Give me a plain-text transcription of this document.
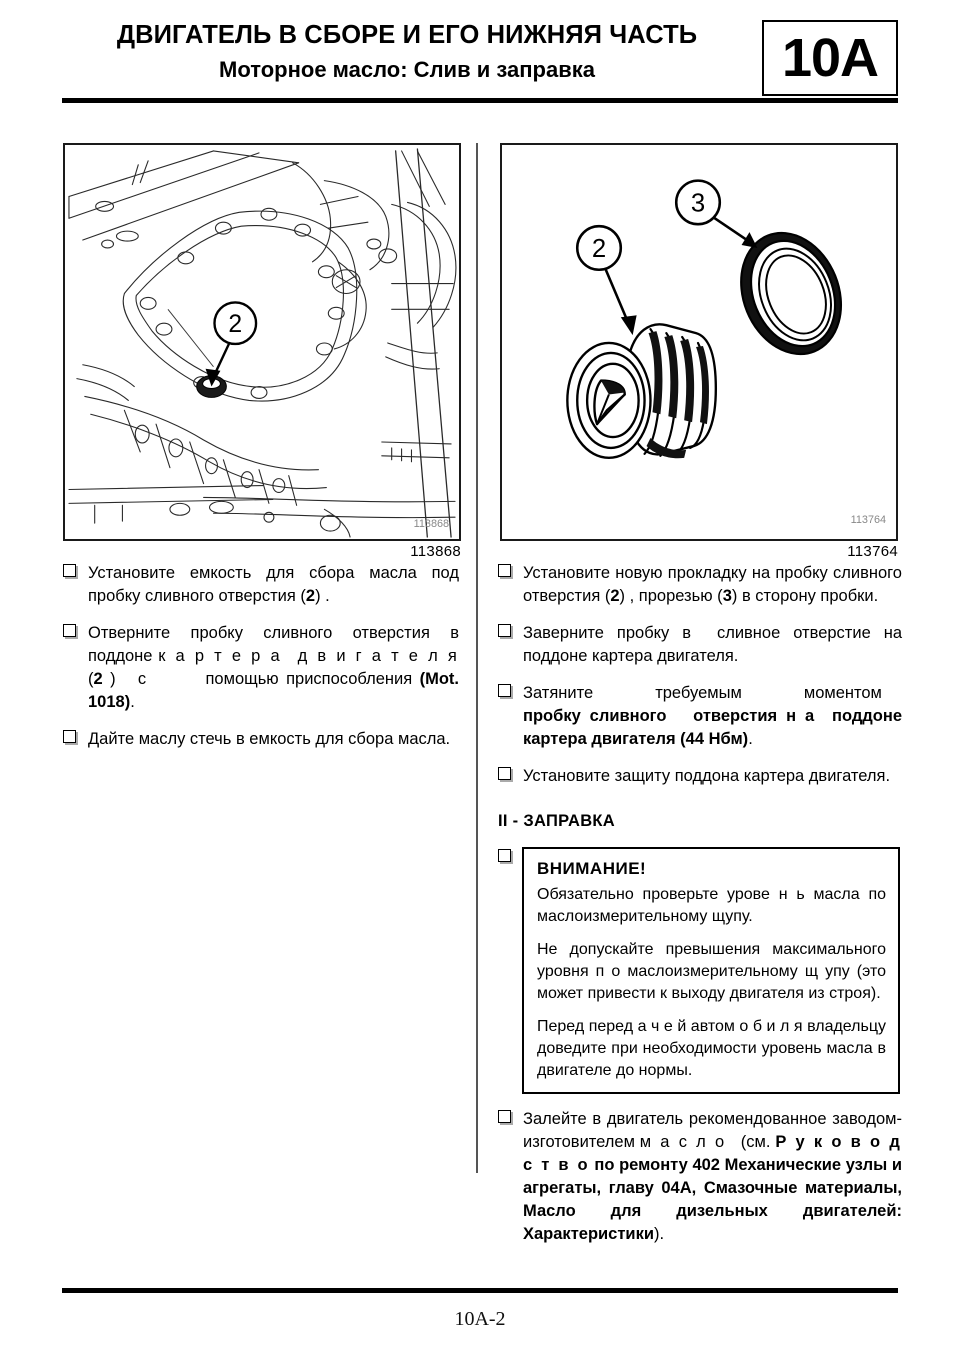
ДВИГАТЕЛЬ В СБОРЕ И ЕГО НИЖНЯЯ ЧАСТЬ
Моторное масло: Слив и заправка	10A
2
113868
113868
2
3
113764
113764
Установите емкость для сбора масла под пробку сливного отверстия (2) .
Отверните пробку сливного отверстия в поддоне к а р т е р а  д в и г а т е л я (2 )   с        помощью приспособления (Mot. 1018).
Дайте маслу стечь в емкость для сбора масла.
Установите новую прокладку на пробку сливного отверстия (2) , прорезью (3) в сторону пробки.
Заверните  пробку  в    сливное  отверстие  на поддоне картера двигателя.
Затяните        требуемым        моментом    пробку сливного   отверстия н а  поддоне картера двигателя (44 Нбм).
Установите защиту поддона картера двигателя.
II - ЗАПРАВКА
ВНИМАНИЕ!

Обязательно проверьте урове н ь масла по маслоизмерительному щупу.

Не допускайте превышения максимального уровня п о маслоизмерительному щ упу (это может привести к выходу двигателя из строя).

Перед перед а ч е й автом о б и л я владельцу доведите при необходимости уровень масла в двигателе до нормы.

Залейте в двигатель рекомендованное заводом-изготовителем м а с л о   (см. Р у к о в о д с т в о по ремонту 402 Механические узлы и агрегаты, главу 04A, Смазочные материалы, Масло для дизельных двигателей: Характеристики).
10A-2
